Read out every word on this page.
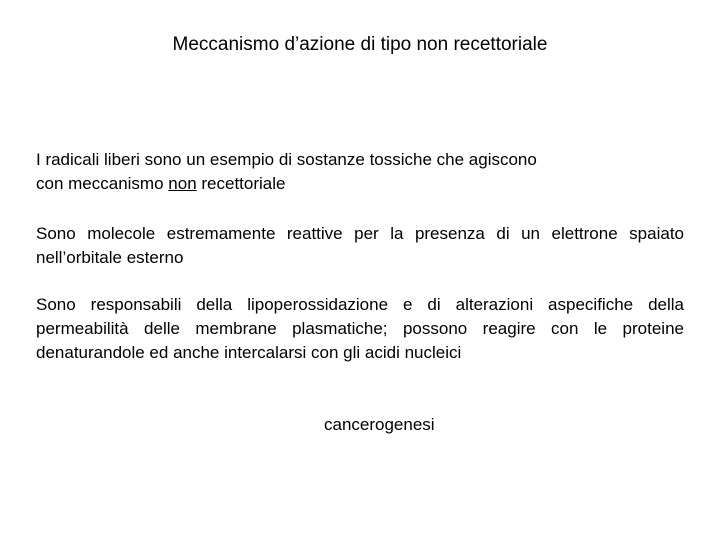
Meccanismo d’azione di tipo non recettoriale
I radicali liberi sono un esempio di sostanze tossiche che agiscono
con meccanismo non recettoriale
Sono molecole estremamente reattive per la presenza di un elettrone spaiato nell’orbitale esterno
Sono responsabili della lipoperossidazione e di alterazioni aspecifiche della permeabilità delle membrane plasmatiche; possono reagire con le proteine denaturandole ed anche intercalarsi con gli acidi nucleici
cancerogenesi
